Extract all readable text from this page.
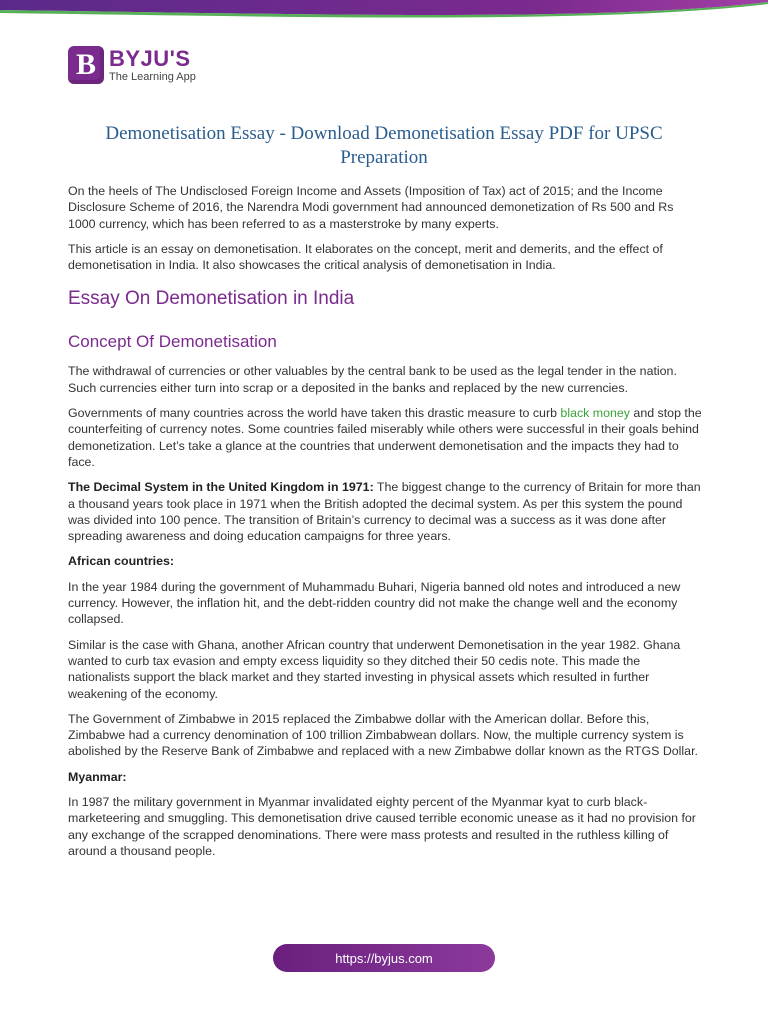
B BYJU'S
The Learning App
Demonetisation Essay - Download Demonetisation Essay PDF for UPSC Preparation

On the heels of The Undisclosed Foreign Income and Assets (Imposition of Tax) act of 2015; and the Income Disclosure Scheme of 2016, the Narendra Modi government had announced demonetization of Rs 500 and Rs 1000 currency, which has been referred to as a masterstroke by many experts.

This article is an essay on demonetisation. It elaborates on the concept, merit and demerits, and the effect of demonetisation in India. It also showcases the critical analysis of demonetisation in India.

Essay On Demonetisation in India
Concept Of Demonetisation

The withdrawal of currencies or other valuables by the central bank to be used as the legal tender in the nation. Such currencies either turn into scrap or a deposited in the banks and replaced by the new currencies.

Governments of many countries across the world have taken this drastic measure to curb black money and stop the counterfeiting of currency notes. Some countries failed miserably while others were successful in their goals behind demonetization. Let’s take a glance at the countries that underwent demonetisation and the impacts they had to face.

The Decimal System in the United Kingdom in 1971: The biggest change to the currency of Britain for more than a thousand years took place in 1971 when the British adopted the decimal system. As per this system the pound was divided into 100 pence. The transition of Britain’s currency to decimal was a success as it was done after spreading awareness and doing education campaigns for three years.

African countries:

In the year 1984 during the government of Muhammadu Buhari, Nigeria banned old notes and introduced a new currency. However, the inflation hit, and the debt-ridden country did not make the change well and the economy collapsed.

Similar is the case with Ghana, another African country that underwent Demonetisation in the year 1982. Ghana wanted to curb tax evasion and empty excess liquidity so they ditched their 50 cedis note. This made the nationalists support the black market and they started investing in physical assets which resulted in further weakening of the economy.

The Government of Zimbabwe in 2015 replaced the Zimbabwe dollar with the American dollar. Before this, Zimbabwe had a currency denomination of 100 trillion Zimbabwean dollars. Now, the multiple currency system is abolished by the Reserve Bank of Zimbabwe and replaced with a new Zimbabwe dollar known as the RTGS Dollar.

Myanmar:

In 1987 the military government in Myanmar invalidated eighty percent of the Myanmar kyat to curb black-marketeering and smuggling. This demonetisation drive caused terrible economic unease as it had no provision for any exchange of the scrapped denominations. There were mass protests and resulted in the ruthless killing of around a thousand people.

https://byjus.com
